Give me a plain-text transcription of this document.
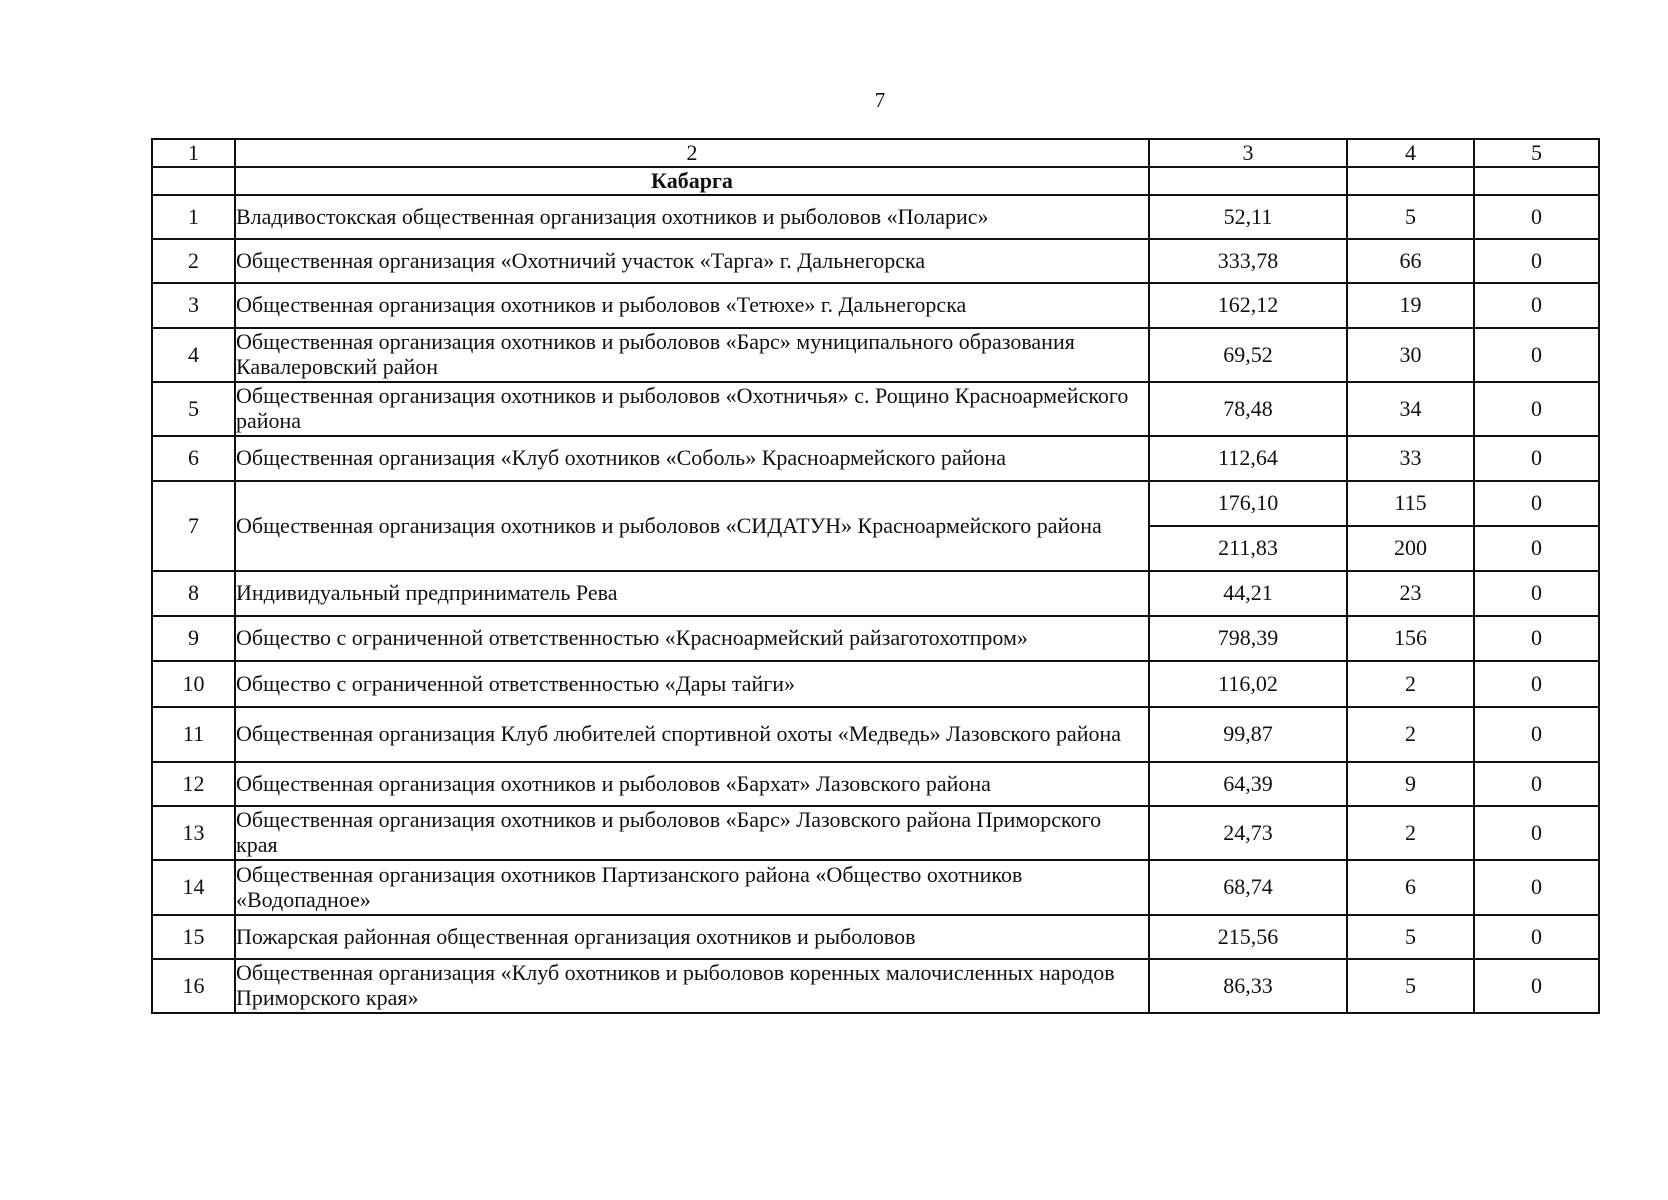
7
1	2	3	4	5
	Кабарга			
1	Владивостокская общественная организация охотников и рыболовов «Поларис»	52,11	5	0
2	Общественная организация «Охотничий участок «Тарга» г. Дальнегорска	333,78	66	0
3	Общественная организация охотников и рыболовов «Тетюхе» г. Дальнегорска	162,12	19	0
4	Общественная организация охотников и рыболовов «Барс» муниципального образования Кавалеровский район	69,52	30	0
5	Общественная организация охотников и рыболовов «Охотничья» с. Рощино Красноармейского района	78,48	34	0
6	Общественная организация «Клуб охотников «Соболь» Красноармейского района	112,64	33	0
7	Общественная организация охотников и рыболовов «СИДАТУН» Красноармейского района	176,10	115	0
		211,83	200	0
8	Индивидуальный предприниматель Рева	44,21	23	0
9	Общество с ограниченной ответственностью «Красноармейский райзаготохотпром»	798,39	156	0
10	Общество с ограниченной ответственностью «Дары тайги»	116,02	2	0
11	Общественная организация Клуб любителей спортивной охоты «Медведь» Лазовского района	99,87	2	0
12	Общественная организация охотников и рыболовов «Бархат» Лазовского района	64,39	9	0
13	Общественная организация охотников и рыболовов «Барс» Лазовского района Приморского края	24,73	2	0
14	Общественная организация охотников Партизанского района «Общество охотников «Водопадное»	68,74	6	0
15	Пожарская районная общественная организация охотников и рыболовов	215,56	5	0
16	Общественная организация «Клуб охотников и рыболовов коренных малочисленных народов Приморского края»	86,33	5	0
